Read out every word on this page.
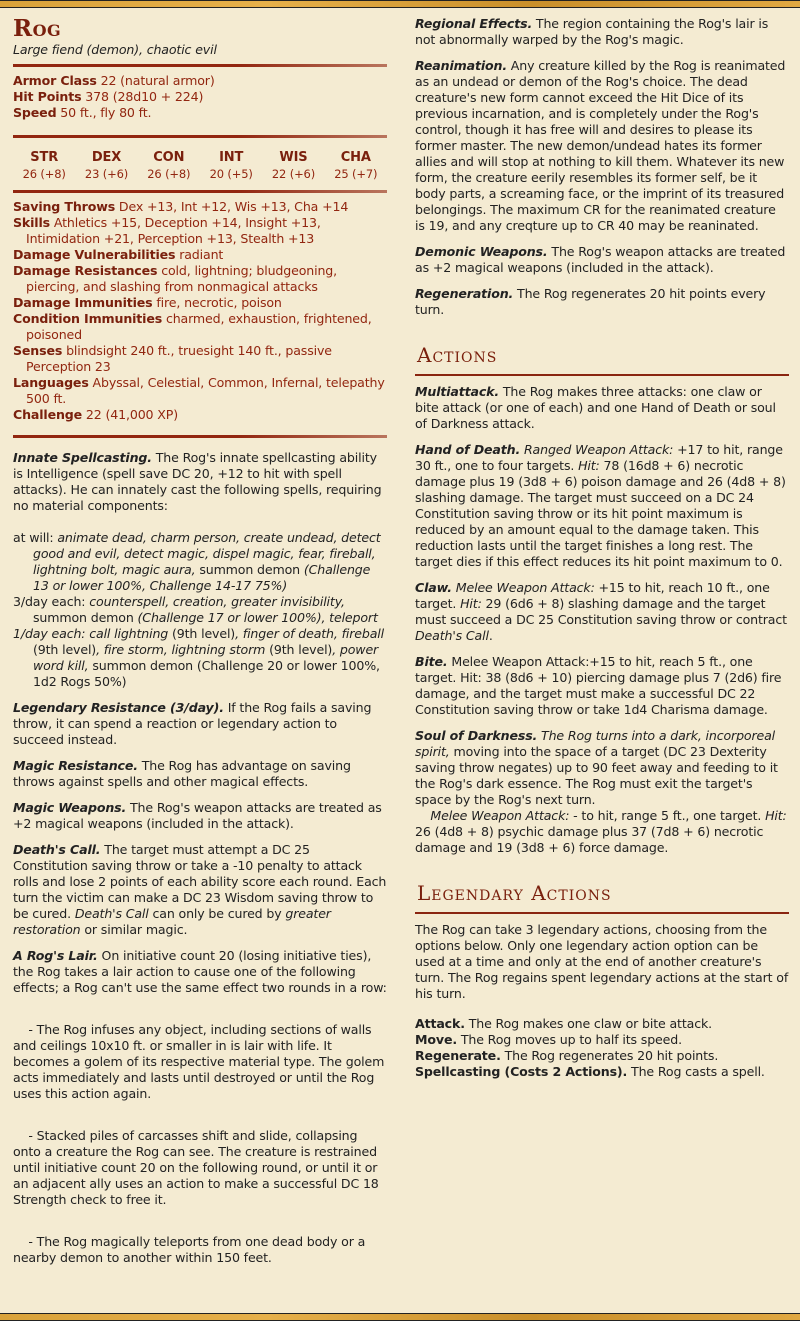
Rog
Large fiend (demon), chaotic evil
Armor Class 22 (natural armor)
Hit Points 378 (28d10 + 224)
Speed 50 ft., fly 80 ft.
STR
26 (+8)
DEX
23 (+6)
CON
26 (+8)
INT
20 (+5)
WIS
22 (+6)
CHA
25 (+7)
Saving Throws Dex +13, Int +12, Wis +13, Cha +14
Skills Athletics +15, Deception +14, Insight +13, Intimidation +21, Perception +13, Stealth +13
Damage Vulnerabilities radiant
Damage Resistances cold, lightning; bludgeoning, piercing, and slashing from nonmagical attacks
Damage Immunities fire, necrotic, poison
Condition Immunities charmed, exhaustion, frightened, poisoned
Senses blindsight 240 ft., truesight 140 ft., passive Perception 23
Languages Abyssal, Celestial, Common, Infernal, telepathy 500 ft.
Challenge 22 (41,000 XP)

Innate Spellcasting. The Rog's innate spellcasting ability is Intelligence (spell save DC 20, +12 to hit with spell attacks). He can innately cast the following spells, requiring no material components:

at will: animate dead, charm person, create undead, detect good and evil, detect magic, dispel magic, fear, fireball, lightning bolt, magic aura, summon demon (Challenge 13 or lower 100%, Challenge 14-17 75%)
3/day each: counterspell, creation, greater invisibility, summon demon (Challenge 17 or lower 100%), teleport
1/day each: call lightning (9th level), finger of death, fireball (9th level), fire storm, lightning storm (9th level), power word kill, summon demon (Challenge 20 or lower 100%, 1d2 Rogs 50%)

Legendary Resistance (3/day). If the Rog fails a saving throw, it can spend a reaction or legendary action to succeed instead.

Magic Resistance. The Rog has advantage on saving throws against spells and other magical effects.

Magic Weapons. The Rog's weapon attacks are treated as +2 magical weapons (included in the attack).

Death's Call. The target must attempt a DC 25 Constitution saving throw or take a -10 penalty to attack rolls and lose 2 points of each ability score each round. Each turn the victim can make a DC 23 Wisdom saving throw to be cured. Death's Call can only be cured by greater restoration or similar magic.

A Rog's Lair. On initiative count 20 (losing initiative ties), the Rog takes a lair action to cause one of the following effects; a Rog can't use the same effect two rounds in a row:

- The Rog infuses any object, including sections of walls and ceilings 10x10 ft. or smaller in is lair with life. It becomes a golem of its respective material type. The golem acts immediately and lasts until destroyed or until the Rog uses this action again.

- Stacked piles of carcasses shift and slide, collapsing onto a creature the Rog can see. The creature is restrained until initiative count 20 on the following round, or until it or an adjacent ally uses an action to make a successful DC 18 Strength check to free it.

- The Rog magically teleports from one dead body or a nearby demon to another within 150 feet.

Regional Effects. The region containing the Rog's lair is not abnormally warped by the Rog's magic.

Reanimation. Any creature killed by the Rog is reanimated as an undead or demon of the Rog's choice. The dead creature's new form cannot exceed the Hit Dice of its previous incarnation, and is completely under the Rog's control, though it has free will and desires to please its former master. The new demon/undead hates its former allies and will stop at nothing to kill them. Whatever its new form, the creature eerily resembles its former self, be it body parts, a screaming face, or the imprint of its treasured belongings. The maximum CR for the reanimated creature is 19, and any creqture up to CR 40 may be reaninated.

Demonic Weapons. The Rog's weapon attacks are treated as +2 magical weapons (included in the attack).

Regeneration. The Rog regenerates 20 hit points every turn.

Actions

Multiattack. The Rog makes three attacks: one claw or bite attack (or one of each) and one Hand of Death or soul of Darkness attack.

Hand of Death. Ranged Weapon Attack: +17 to hit, range 30 ft., one to four targets. Hit: 78 (16d8 + 6) necrotic damage plus 19 (3d8 + 6) poison damage and 26 (4d8 + 8) slashing damage. The target must succeed on a DC 24 Constitution saving throw or its hit point maximum is reduced by an amount equal to the damage taken. This reduction lasts until the target finishes a long rest. The target dies if this effect reduces its hit point maximum to 0.

Claw. Melee Weapon Attack: +15 to hit, reach 10 ft., one target. Hit: 29 (6d6 + 8) slashing damage and the target must succeed a DC 25 Constitution saving throw or contract Death's Call.

Bite. Melee Weapon Attack:+15 to hit, reach 5 ft., one target. Hit: 38 (8d6 + 10) piercing damage plus 7 (2d6) fire damage, and the target must make a successful DC 22 Constitution saving throw or take 1d4 Charisma damage.

Soul of Darkness. The Rog turns into a dark, incorporeal spirit, moving into the space of a target (DC 23 Dexterity saving throw negates) up to 90 feet away and feeding to it the Rog's dark essence. The Rog must exit the target's space by the Rog's next turn.

Melee Weapon Attack: - to hit, range 5 ft., one target. Hit: 26 (4d8 + 8) psychic damage plus 37 (7d8 + 6) necrotic damage and 19 (3d8 + 6) force damage.

Legendary Actions

The Rog can take 3 legendary actions, choosing from the options below. Only one legendary action option can be used at a time and only at the end of another creature's turn. The Rog regains spent legendary actions at the start of his turn.

Attack. The Rog makes one claw or bite attack.

Move. The Rog moves up to half its speed.

Regenerate. The Rog regenerates 20 hit points.

Spellcasting (Costs 2 Actions). The Rog casts a spell.
